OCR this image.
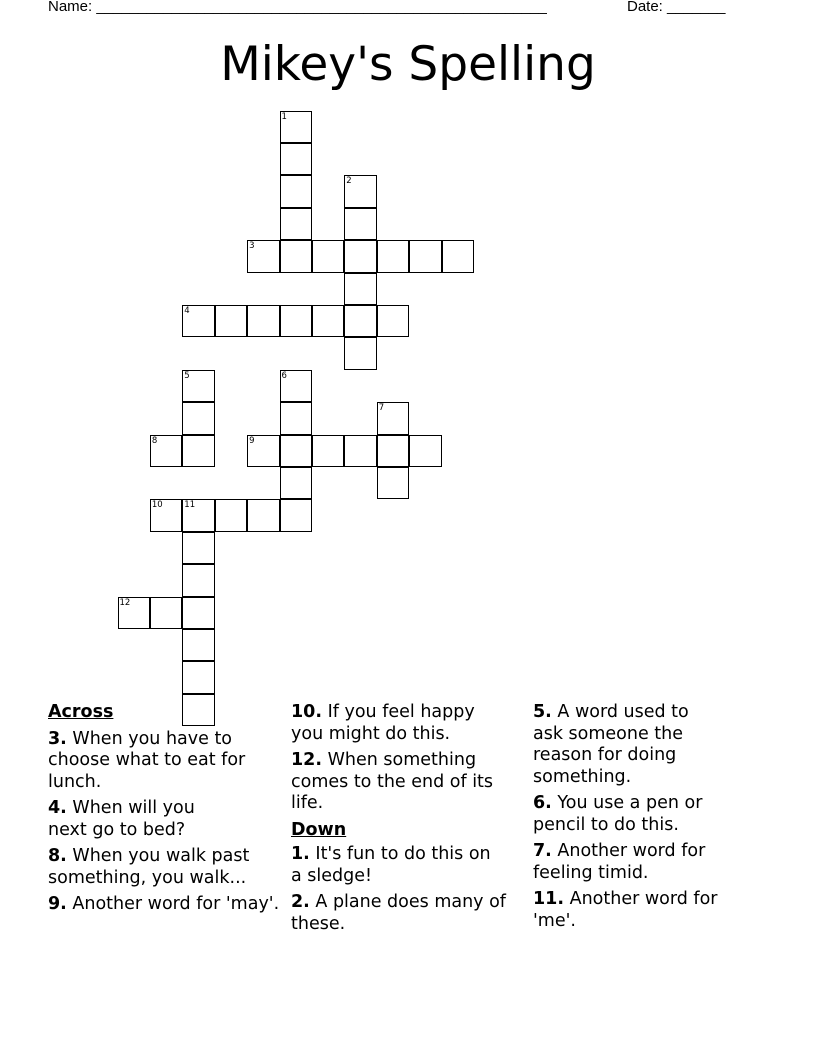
Name: ______________________________________________________	Date: _______
Mikey's Spelling
1
2
3
4
5	6
7
8	9
10	11
12
Across
3. When you have to choose what to eat for lunch.
4. When will you next go to bed?
8. When you walk past something, you walk...
9. Another word for 'may'.
10. If you feel happy you might do this.
12. When something comes to the end of its life.
Down
1. It's fun to do this on a sledge!
2. A plane does many of these.
5. A word used to ask someone the reason for doing something.
6. You use a pen or pencil to do this.
7. Another word for feeling timid.
11. Another word for 'me'.
